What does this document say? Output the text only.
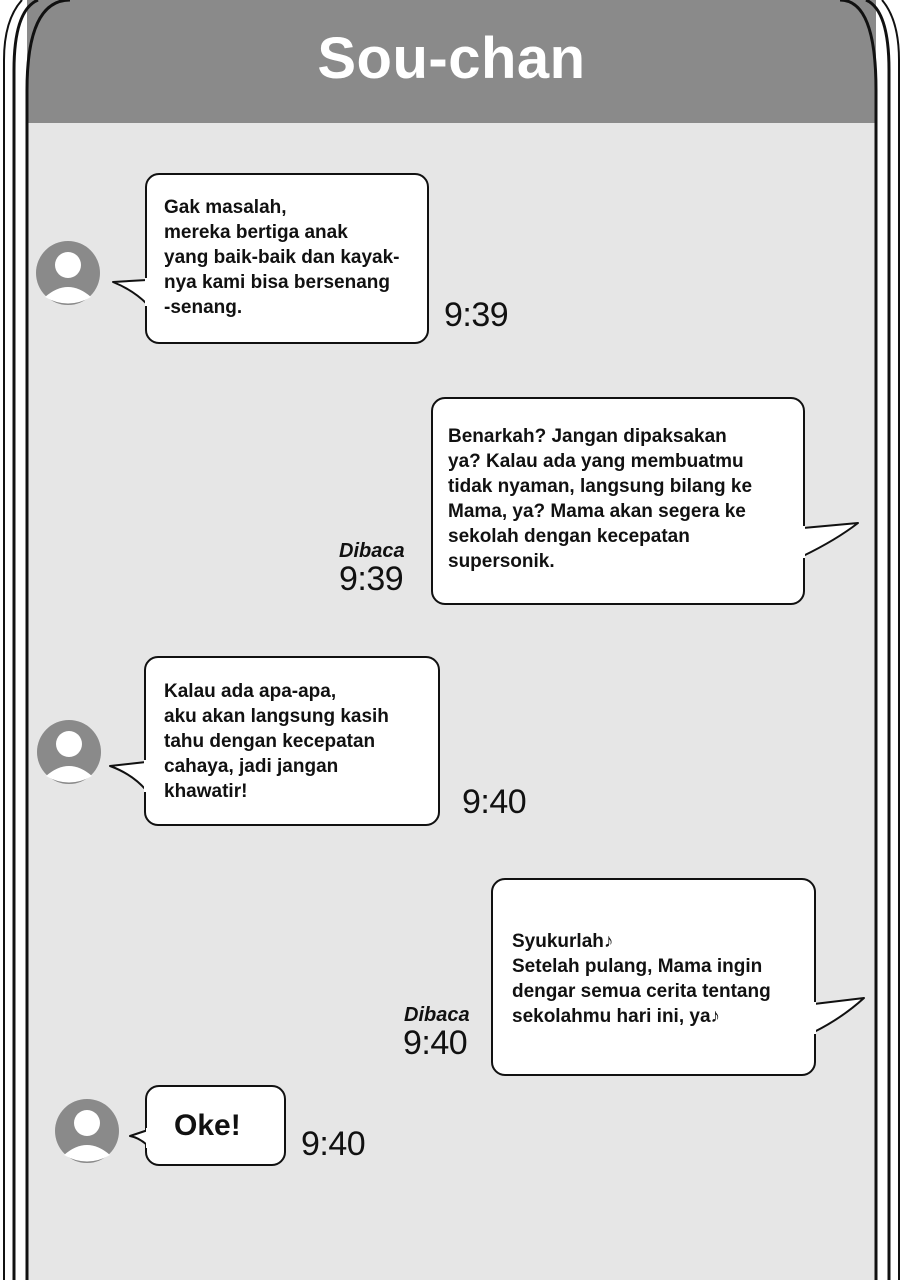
Sou-chan
Gak masalah,
mereka bertiga anak
yang baik-baik dan kayak-
nya kami bisa bersenang
-senang.	9:39
Benarkah? Jangan dipaksakan
ya? Kalau ada yang membuatmu
tidak nyaman, langsung bilang ke
Mama, ya? Mama akan segera ke
sekolah dengan kecepatan
supersonik.
Dibaca
9:39
Kalau ada apa-apa,
aku akan langsung kasih
tahu dengan kecepatan
cahaya, jadi jangan
khawatir!	9:40
Syukurlah♪
Setelah pulang, Mama ingin
dengar semua cerita tentang
sekolahmu hari ini, ya♪
Dibaca
9:40
Oke!	9:40
